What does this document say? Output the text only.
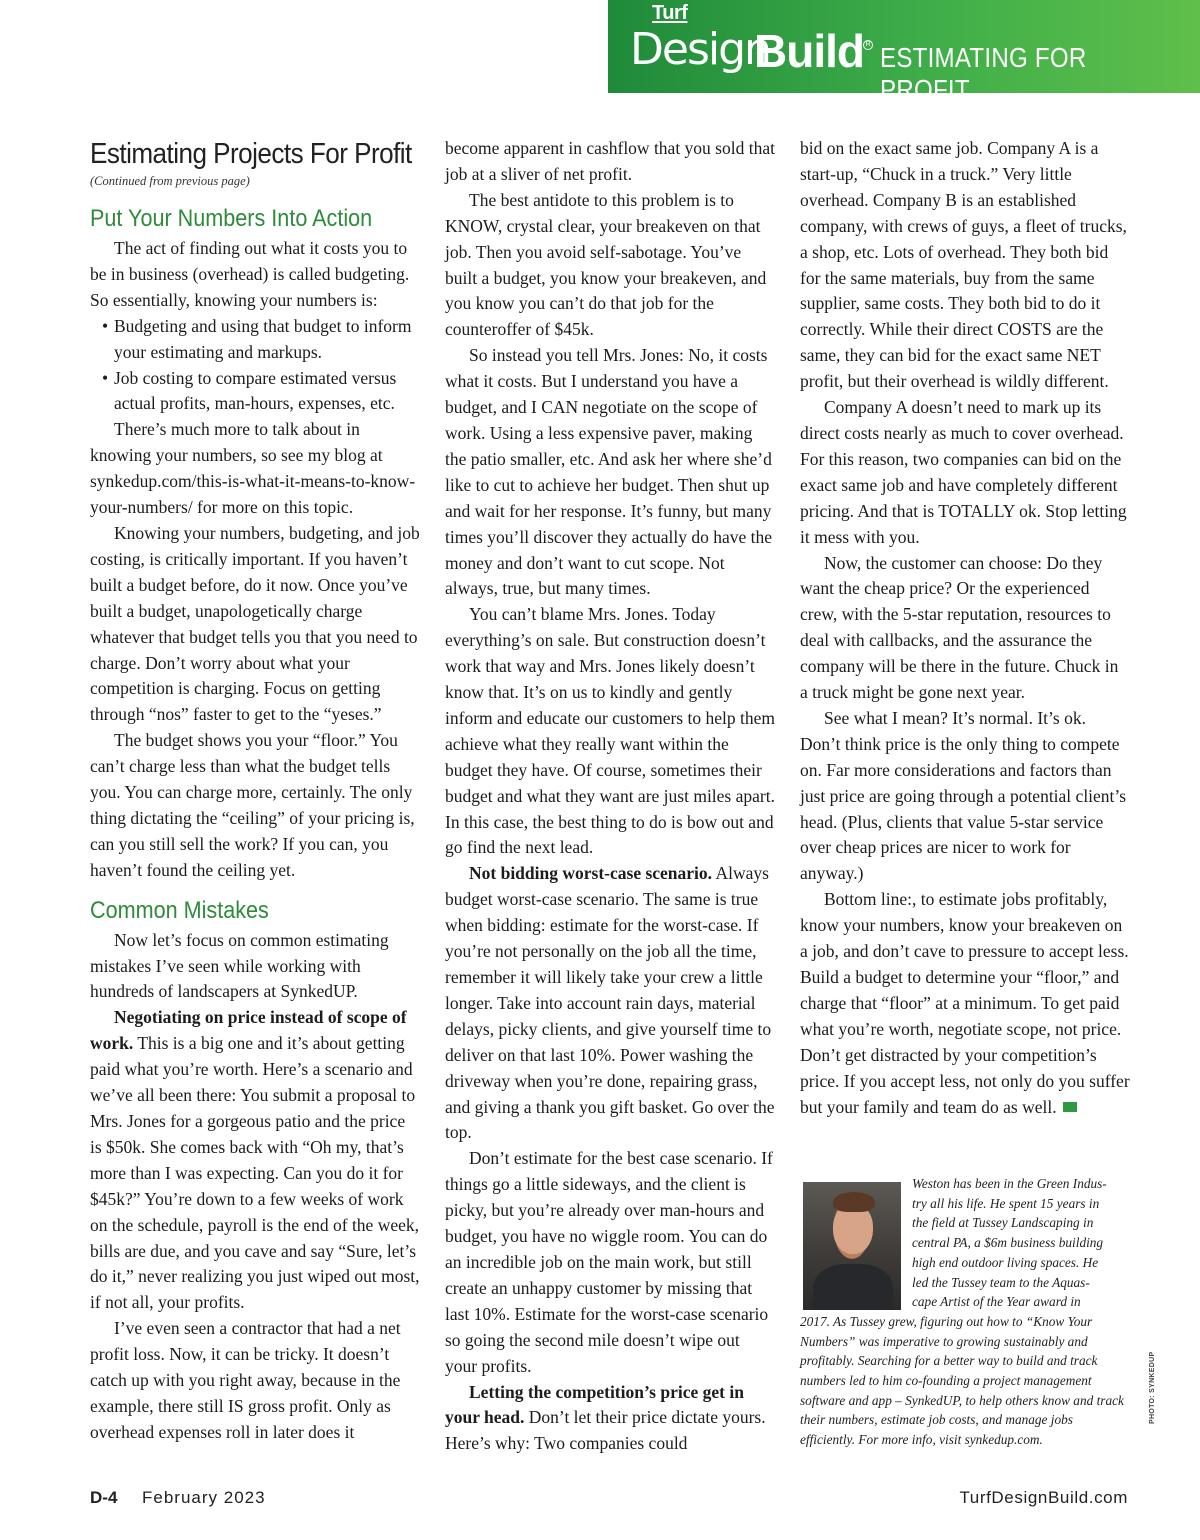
Turf
Design
Build R ESTIMATING FOR PROFIT
Estimating Projects For Profit
(Continued from previous page)
Put Your Numbers Into Action

The act of finding out what it costs you to be in business (overhead) is called budgeting. So essentially, knowing your numbers is:

• Budgeting and using that budget to inform your estimating and markups.
• Job costing to compare estimated versus actual profits, man-hours, expenses, etc.

There’s much more to talk about in knowing your numbers, so see my blog at synkedup.com/this-is-what-it-means-to-know-your-numbers/ for more on this topic.

Knowing your numbers, budgeting, and job costing, is critically important. If you haven’t built a budget before, do it now. Once you’ve built a budget, unapologetically charge whatever that budget tells you that you need to charge. Don’t worry about what your competition is charging. Focus on getting through “nos” faster to get to the “yeses.”

The budget shows you your “floor.” You can’t charge less than what the budget tells you. You can charge more, certainly. The only thing dictating the “ceiling” of your pricing is, can you still sell the work? If you can, you haven’t found the ceiling yet.

Common Mistakes

Now let’s focus on common estimating mistakes I’ve seen while working with hundreds of landscapers at SynkedUP.

Negotiating on price instead of scope of work. This is a big one and it’s about getting paid what you’re worth. Here’s a scenario and we’ve all been there: You submit a proposal to Mrs. Jones for a gorgeous patio and the price is $50k. She comes back with “Oh my, that’s more than I was expecting. Can you do it for $45k?” You’re down to a few weeks of work on the schedule, payroll is the end of the week, bills are due, and you cave and say “Sure, let’s do it,” never realizing you just wiped out most, if not all, your profits.

I’ve even seen a contractor that had a net profit loss. Now, it can be tricky. It doesn’t catch up with you right away, because in the example, there still IS gross profit. Only as overhead expenses roll in later does it

become apparent in cashflow that you sold that job at a sliver of net profit.

The best antidote to this problem is to KNOW, crystal clear, your breakeven on that job. Then you avoid self-sabotage. You’ve built a budget, you know your breakeven, and you know you can’t do that job for the counteroffer of $45k.

So instead you tell Mrs. Jones: No, it costs what it costs. But I understand you have a budget, and I CAN negotiate on the scope of work. Using a less expensive paver, making the patio smaller, etc. And ask her where she’d like to cut to achieve her budget. Then shut up and wait for her response. It’s funny, but many times you’ll discover they actually do have the money and don’t want to cut scope. Not always, true, but many times.

You can’t blame Mrs. Jones. Today everything’s on sale. But construction doesn’t work that way and Mrs. Jones likely doesn’t know that. It’s on us to kindly and gently inform and educate our customers to help them achieve what they really want within the budget they have. Of course, sometimes their budget and what they want are just miles apart. In this case, the best thing to do is bow out and go find the next lead.

Not bidding worst-case scenario. Always budget worst-case scenario. The same is true when bidding: estimate for the worst-case. If you’re not personally on the job all the time, remember it will likely take your crew a little longer. Take into account rain days, material delays, picky clients, and give yourself time to deliver on that last 10%. Power washing the driveway when you’re done, repairing grass, and giving a thank you gift basket. Go over the top.

Don’t estimate for the best case scenario. If things go a little sideways, and the client is picky, but you’re already over man-hours and budget, you have no wiggle room. You can do an incredible job on the main work, but still create an unhappy customer by missing that last 10%. Estimate for the worst-case scenario so going the second mile doesn’t wipe out your profits.

Letting the competition’s price get in your head. Don’t let their price dictate yours. Here’s why: Two companies could

bid on the exact same job. Company A is a start-up, “Chuck in a truck.” Very little overhead. Company B is an established company, with crews of guys, a fleet of trucks, a shop, etc. Lots of overhead. They both bid for the same materials, buy from the same supplier, same costs. They both bid to do it correctly. While their direct COSTS are the same, they can bid for the exact same NET profit, but their overhead is wildly different.

Company A doesn’t need to mark up its direct costs nearly as much to cover overhead. For this reason, two companies can bid on the exact same job and have completely different pricing. And that is TOTALLY ok. Stop letting it mess with you.

Now, the customer can choose: Do they want the cheap price? Or the experienced crew, with the 5-star reputation, resources to deal with callbacks, and the assurance the company will be there in the future. Chuck in a truck might be gone next year.

See what I mean? It’s normal. It’s ok. Don’t think price is the only thing to compete on. Far more considerations and factors than just price are going through a potential client’s head. (Plus, clients that value 5-star service over cheap prices are nicer to work for anyway.)

Bottom line:, to estimate jobs profitably, know your numbers, know your breakeven on a job, and don’t cave to pressure to accept less. Build a budget to determine your “floor,” and charge that “floor” at a minimum. To get paid what you’re worth, negotiate scope, not price. Don’t get distracted by your competition’s price. If you accept less, not only do you suffer but your family and team do as well.

Weston has been in the Green Indus-
try all his life. He spent 15 years in
the field at Tussey Landscaping in
central PA, a $6m business building
high end outdoor living spaces. He
led the Tussey team to the Aquas-
cape Artist of the Year award in
2017. As Tussey grew, figuring out how to “Know Your Numbers” was imperative to growing sustainably and profitably. Searching for a better way to build and track numbers led to him co-founding a project management software and app – SynkedUP, to help others know and track their numbers, estimate job costs, and manage jobs efficiently. For more info, visit synkedup.com.
PHOTO: SYNKEDUP
D-4 February 2023	TurfDesignBuild.com
